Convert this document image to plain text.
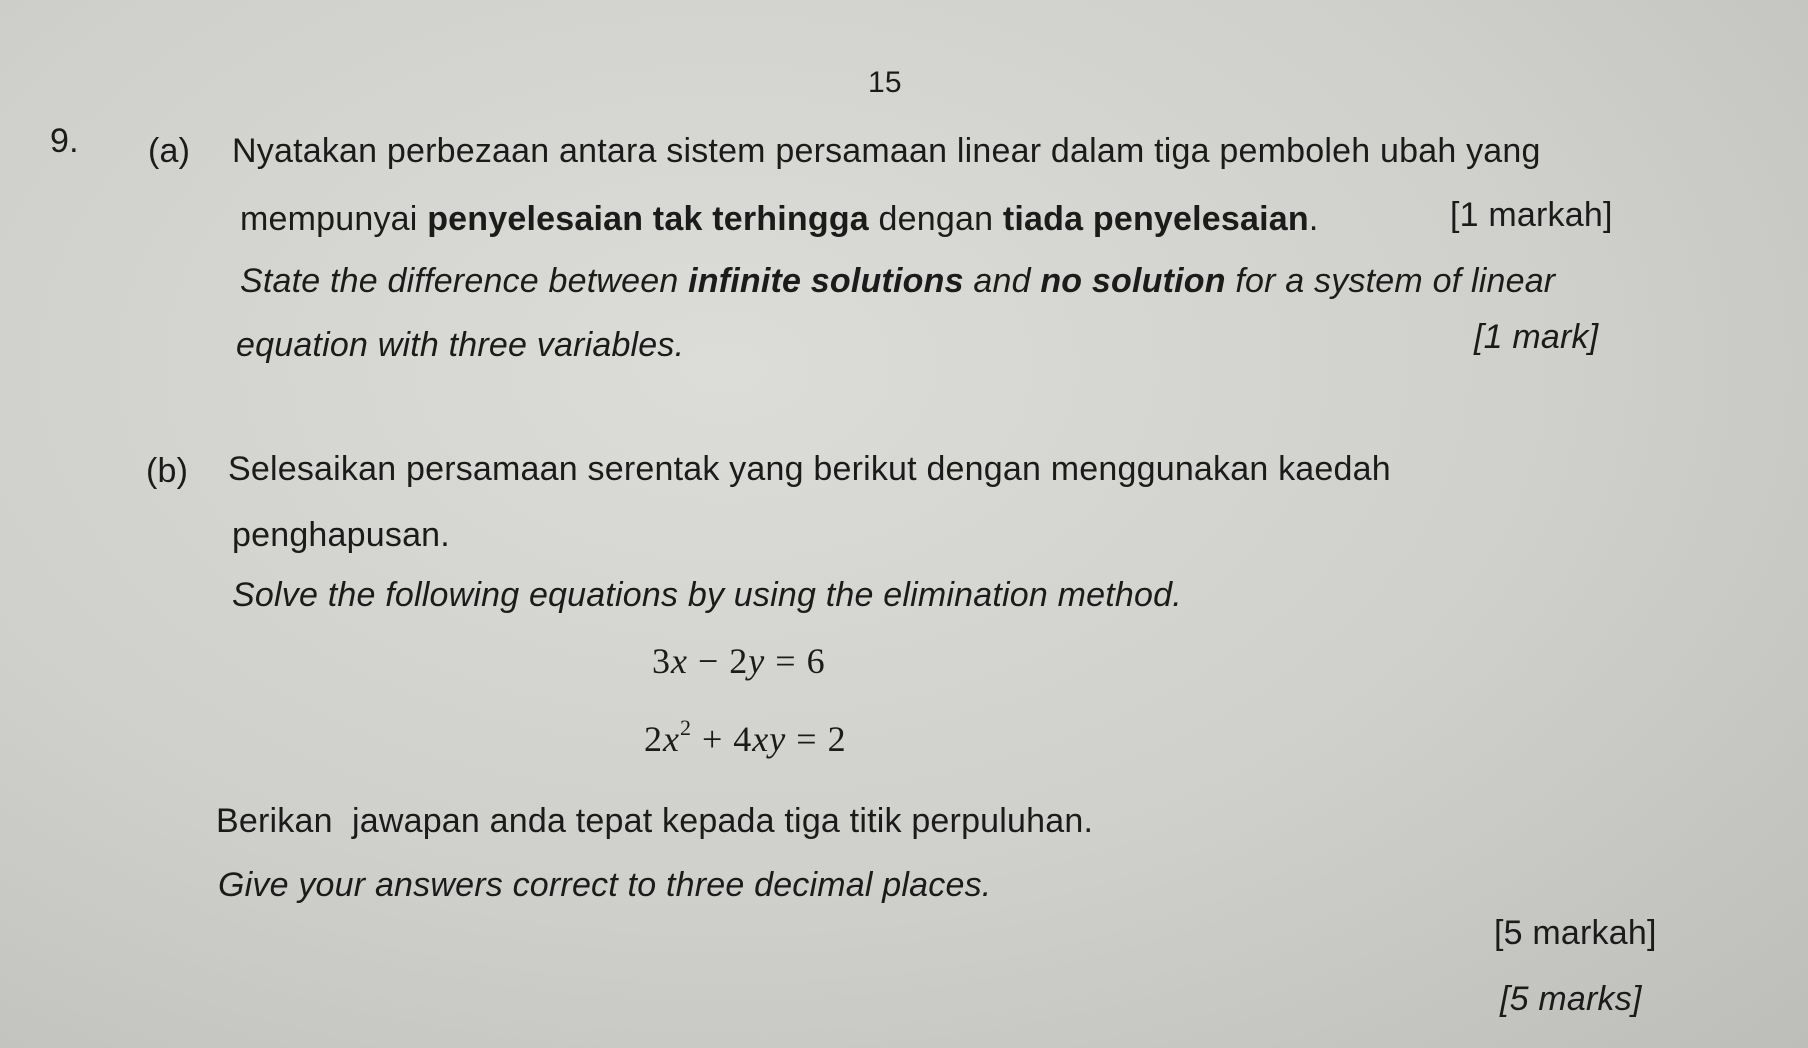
15
9. (a) Nyatakan perbezaan antara sistem persamaan linear dalam tiga pemboleh ubah yang
mempunyai penyelesaian tak terhingga dengan tiada penyelesaian.	[1 markah]
State the difference between infinite solutions and no solution for a system of linear
equation with three variables.	[1 mark]
(b) Selesaikan persamaan serentak yang berikut dengan menggunakan kaedah
penghapusan.
Solve the following equations by using the elimination method.
3x − 2y = 6
$2x^2 + 4xy = 2$
Berikan  jawapan anda tepat kepada tiga titik perpuluhan.
Give your answers correct to three decimal places.
[5 markah]
[5 marks]
